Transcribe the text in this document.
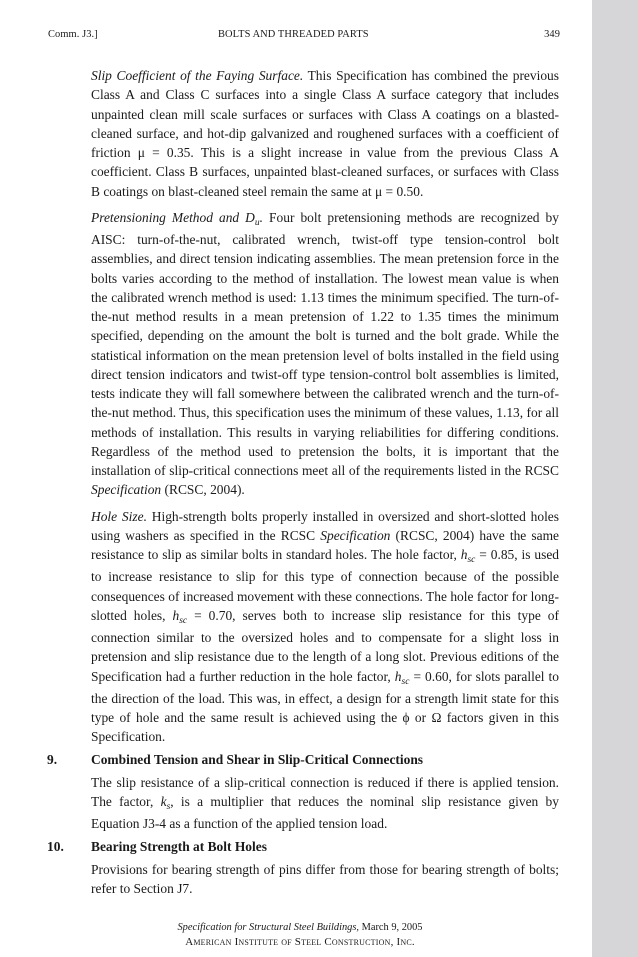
Comm. J3.]	BOLTS AND THREADED PARTS	349

Slip Coefficient of the Faying Surface. This Specification has combined the previous Class A and Class C surfaces into a single Class A surface category that includes unpainted clean mill scale surfaces or surfaces with Class A coatings on a blasted-cleaned surface, and hot-dip galvanized and roughened surfaces with a coefficient of friction μ = 0.35. This is a slight increase in value from the previous Class A coefficient. Class B surfaces, unpainted blast-cleaned surfaces, or surfaces with Class B coatings on blast-cleaned steel remain the same at μ = 0.50.

Pretensioning Method and $D_u$. Four bolt pretensioning methods are recognized by AISC: turn-of-the-nut, calibrated wrench, twist-off type tension-control bolt assemblies, and direct tension indicating assemblies. The mean pretension force in the bolts varies according to the method of installation. The lowest mean value is when the calibrated wrench method is used: 1.13 times the minimum specified. The turn-of-the-nut method results in a mean pretension of 1.22 to 1.35 times the minimum specified, depending on the amount the bolt is turned and the bolt grade. While the statistical information on the mean pretension level of bolts installed in the field using direct tension indicators and twist-off type tension-control bolt assemblies is limited, tests indicate they will fall somewhere between the calibrated wrench and the turn-of-the-nut method. Thus, this specification uses the minimum of these values, 1.13, for all methods of installation. This results in varying reliabilities for differing conditions. Regardless of the method used to pretension the bolts, it is important that the installation of slip-critical connections meet all of the requirements listed in the RCSC Specification (RCSC, 2004).

Hole Size. High-strength bolts properly installed in oversized and short-slotted holes using washers as specified in the RCSC Specification (RCSC, 2004) have the same resistance to slip as similar bolts in standard holes. The hole factor, $h_{sc} = 0.85$, is used to increase resistance to slip for this type of connection because of the possible consequences of increased movement with these connections. The hole factor for long-slotted holes, $h_{sc} = 0.70$, serves both to increase slip resistance for this type of connection similar to the oversized holes and to compensate for a slight loss in pretension and slip resistance due to the length of a long slot. Previous editions of the Specification had a further reduction in the hole factor, $h_{sc} = 0.60$, for slots parallel to the direction of the load. This was, in effect, a design for a strength limit state for this type of hole and the same result is achieved using the ϕ or Ω factors given in this Specification.

9.	Combined Tension and Shear in Slip-Critical Connections

The slip resistance of a slip-critical connection is reduced if there is applied tension. The factor, $k_s$, is a multiplier that reduces the nominal slip resistance given by Equation J3-4 as a function of the applied tension load.

10. Bearing Strength at Bolt Holes

Provisions for bearing strength of pins differ from those for bearing strength of bolts; refer to Section J7.

Specification for Structural Steel Buildings, March 9, 2005
American Institute of Steel Construction, Inc.
